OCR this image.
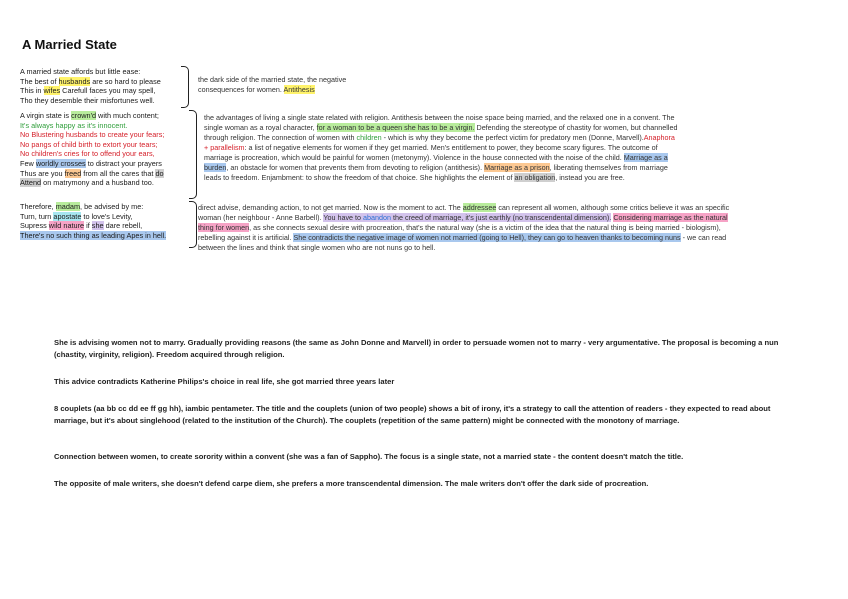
A Married State
A married state affords but little ease:
The best of husbands are so hard to please
This in wifes Carefull faces you may spell,
Tho they desemble their misfortunes well.
A virgin state is crown'd with much content;
It's always happy as it's innocent.
No Blustering husbands to create your fears;
No pangs of child birth to extort your tears;
No children's cries for to offend your ears,
Few worldly crosses to distract your prayers
Thus are you freed from all the cares that do
Attend on matrymony and a husband too.
Therefore, madam, be advised by me:
Turn, turn apostate to love's Levity,
Supress wild nature if she dare rebell,
There's no such thing as leading Apes in hell.
the dark side of the married state, the negative
consequences for women. Antithesis
the advantages of living a single state related with religion. Antithesis between the noise space being married, and the relaxed one in a convent. The
single woman as a royal character, for a woman to be a queen she has to be a virgin. Defending the stereotype of chastity for women, but channelled
through religion. The connection of women with children - which is why they become the perfect victim for predatory men (Donne, Marvell).Anaphora
+ parallelism: a list of negative elements for women if they get married. Men's entitlement to power, they become scary figures. The outcome of
marriage is procreation, which would be painful for women (metonymy). Violence in the house connected with the noise of the child. Marriage as a
burden, an obstacle for women that prevents them from devoting to religion (antithesis). Marriage as a prison, liberating themselves from marriage
leads to freedom. Enjambment: to show the freedom of that choice. She highlights the element of an obligation, instead you are free.
direct advise, demanding action, to not get married. Now is the moment to act. The addressee can represent all women, although some critics believe it was an specific
woman (her neighbour - Anne Barbell). You have to abandon the creed of marriage, it's just earthly (no transcendental dimension). Considering marriage as the natural
thing for women, as she connects sexual desire with procreation, that's the natural way (she is a victim of the idea that the natural thing is being married - biologism),
rebelling against it is artificial. She contradicts the negative image of women not married (going to Hell), they can go to heaven thanks to becoming nuns - we can read
between the lines and think that single women who are not nuns go to hell.
She is advising women not to marry. Gradually providing reasons (the same as John Donne and Marvell) in order to persuade women not to marry - very argumentative. The proposal is becoming a nun (chastity, virginity, religion). Freedom acquired through religion.
This advice contradicts Katherine Philips's choice in real life, she got married three years later
8 couplets (aa bb cc dd ee ff gg hh), iambic pentameter. The title and the couplets (union of two people) shows a bit of irony, it's a strategy to call the attention of readers - they expected to read about marriage, but it's about singlehood (related to the institution of the Church). The couplets (repetition of the same pattern) might be connected with the monotony of marriage.
Connection between women, to create sorority within a convent (she was a fan of Sappho). The focus is a single state, not a married state - the content doesn't match the title.
The opposite of male writers, she doesn't defend carpe diem, she prefers a more transcendental dimension. The male writers don't offer the dark side of procreation.
